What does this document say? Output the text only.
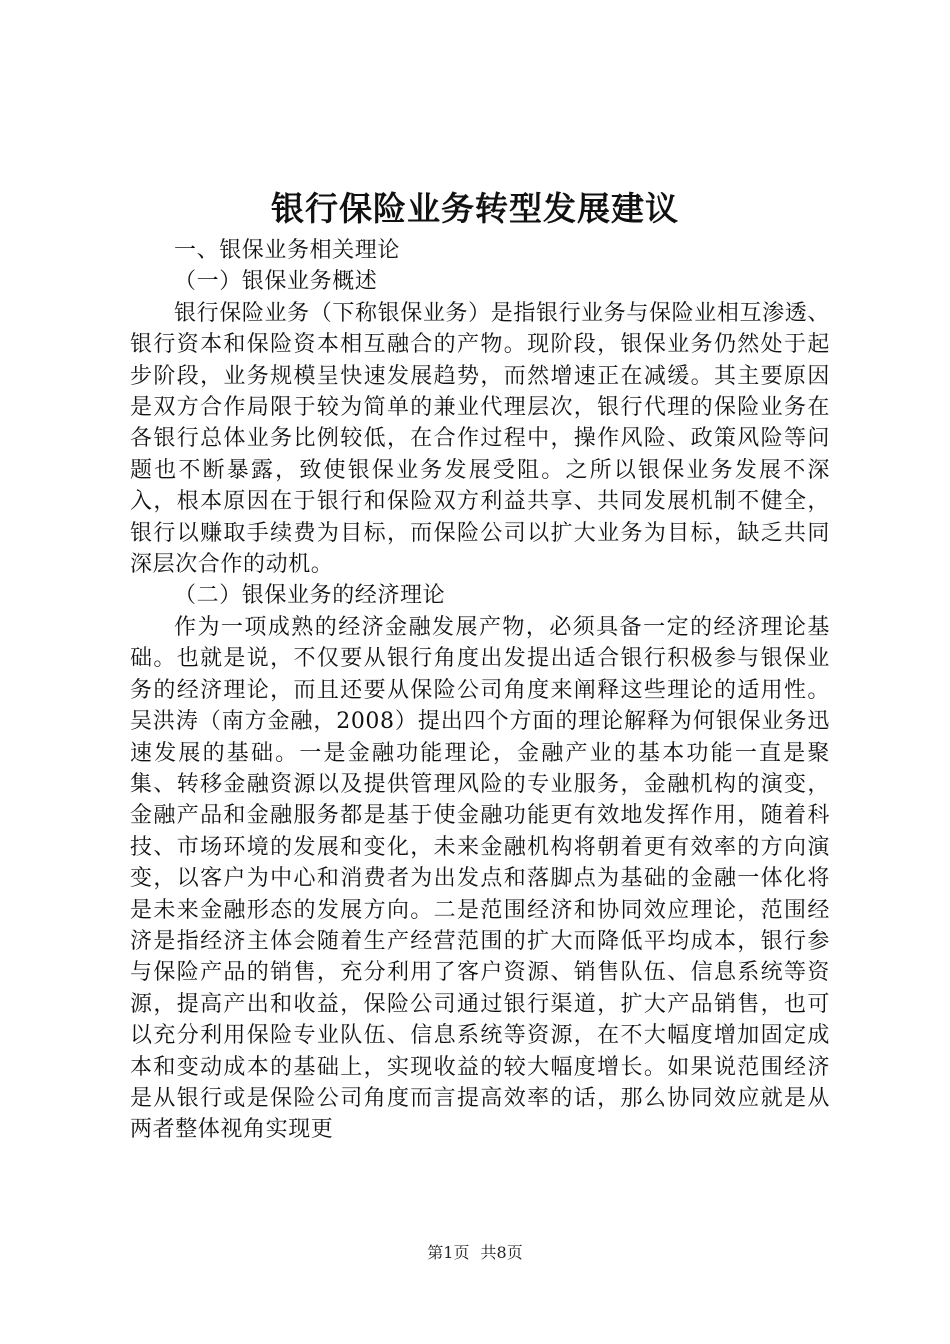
银行保险业务转型发展建议

一、银保业务相关理论

（一）银保业务概述

银行保险业务（下称银保业务）是指银行业务与保险业相互渗透、银行资本和保险资本相互融合的产物。现阶段，银保业务仍然处于起步阶段，业务规模呈快速发展趋势，而然增速正在减缓。其主要原因是双方合作局限于较为简单的兼业代理层次，银行代理的保险业务在各银行总体业务比例较低，在合作过程中，操作风险、政策风险等问题也不断暴露，致使银保业务发展受阻。之所以银保业务发展不深入，根本原因在于银行和保险双方利益共享、共同发展机制不健全，银行以赚取手续费为目标，而保险公司以扩大业务为目标，缺乏共同深层次合作的动机。

（二）银保业务的经济理论

作为一项成熟的经济金融发展产物，必须具备一定的经济理论基础。也就是说，不仅要从银行角度出发提出适合银行积极参与银保业务的经济理论，而且还要从保险公司角度来阐释这些理论的适用性。吴洪涛（南方金融，2008）提出四个方面的理论解释为何银保业务迅速发展的基础。一是金融功能理论，金融产业的基本功能一直是聚集、转移金融资源以及提供管理风险的专业服务，金融机构的演变，金融产品和金融服务都是基于使金融功能更有效地发挥作用，随着科技、市场环境的发展和变化，未来金融机构将朝着更有效率的方向演变，以客户为中心和消费者为出发点和落脚点为基础的金融一体化将是未来金融形态的发展方向。二是范围经济和协同效应理论，范围经济是指经济主体会随着生产经营范围的扩大而降低平均成本，银行参与保险产品的销售，充分利用了客户资源、销售队伍、信息系统等资源，提高产出和收益，保险公司通过银行渠道，扩大产品销售，也可以充分利用保险专业队伍、信息系统等资源，在不大幅度增加固定成本和变动成本的基础上，实现收益的较大幅度增长。如果说范围经济是从银行或是保险公司角度而言提高效率的话，那么协同效应就是从两者整体视角实现更

第1页 共8页
